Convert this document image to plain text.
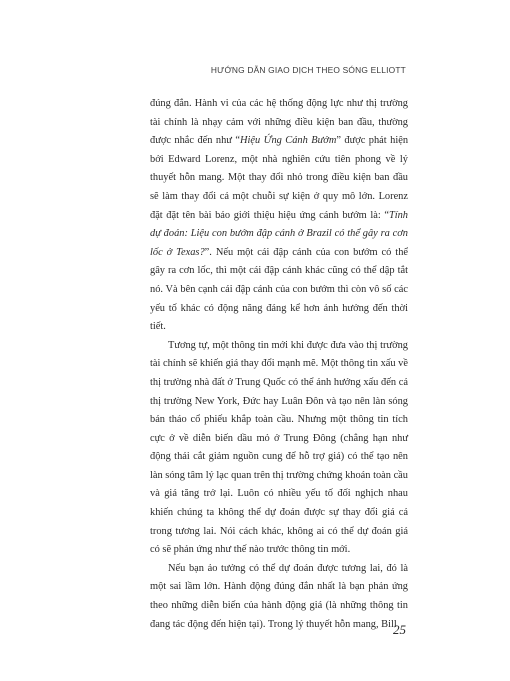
HƯỚNG DẪN GIAO DỊCH THEO SÓNG ELLIOTT

đúng đắn. Hành vi của các hệ thống động lực như thị trường tài chính là nhạy cảm với những điều kiện ban đầu, thường được nhắc đến như “Hiệu Ứng Cánh Bướm” được phát hiện bởi Edward Lorenz, một nhà nghiên cứu tiên phong về lý thuyết hỗn mang. Một thay đổi nhỏ trong điều kiện ban đầu sẽ làm thay đổi cả một chuỗi sự kiện ở quy mô lớn. Lorenz đặt đặt tên bài báo giới thiệu hiệu ứng cánh bướm là: “Tính dự đoán: Liệu con bướm đập cánh ở Brazil có thể gây ra cơn lốc ở Texas?”. Nếu một cái đập cánh của con bướm có thể gây ra cơn lốc, thì một cái đập cánh khác cũng có thể dập tắt nó. Và bên cạnh cái đập cánh của con bướm thì còn vô số các yếu tố khác có động năng đáng kể hơn ảnh hưởng đến thời tiết.

Tương tự, một thông tin mới khi được đưa vào thị trường tài chính sẽ khiến giá thay đổi mạnh mẽ. Một thông tin xấu về thị trường nhà đất ở Trung Quốc có thể ảnh hưởng xấu đến cả thị trường New York, Đức hay Luân Đôn và tạo nên làn sóng bán tháo cổ phiếu khắp toàn cầu. Nhưng một thông tin tích cực ở về diễn biến dầu mỏ ở Trung Đông (chẳng hạn như động thái cắt giảm nguồn cung để hỗ trợ giá) có thể tạo nên làn sóng tâm lý lạc quan trên thị trường chứng khoán toàn cầu và giá tăng trở lại. Luôn có nhiều yếu tố đối nghịch nhau khiến chúng ta không thể dự đoán được sự thay đổi giá cả trong tương lai. Nói cách khác, không ai có thể dự đoán giá có sẽ phản ứng như thế nào trước thông tin mới.

Nếu bạn ảo tưởng có thể dự đoán được tương lai, đó là một sai lầm lớn. Hành động đúng đắn nhất là bạn phản ứng theo những diễn biến của hành động giá (là những thông tin đang tác động đến hiện tại). Trong lý thuyết hỗn mang, Bill

25
